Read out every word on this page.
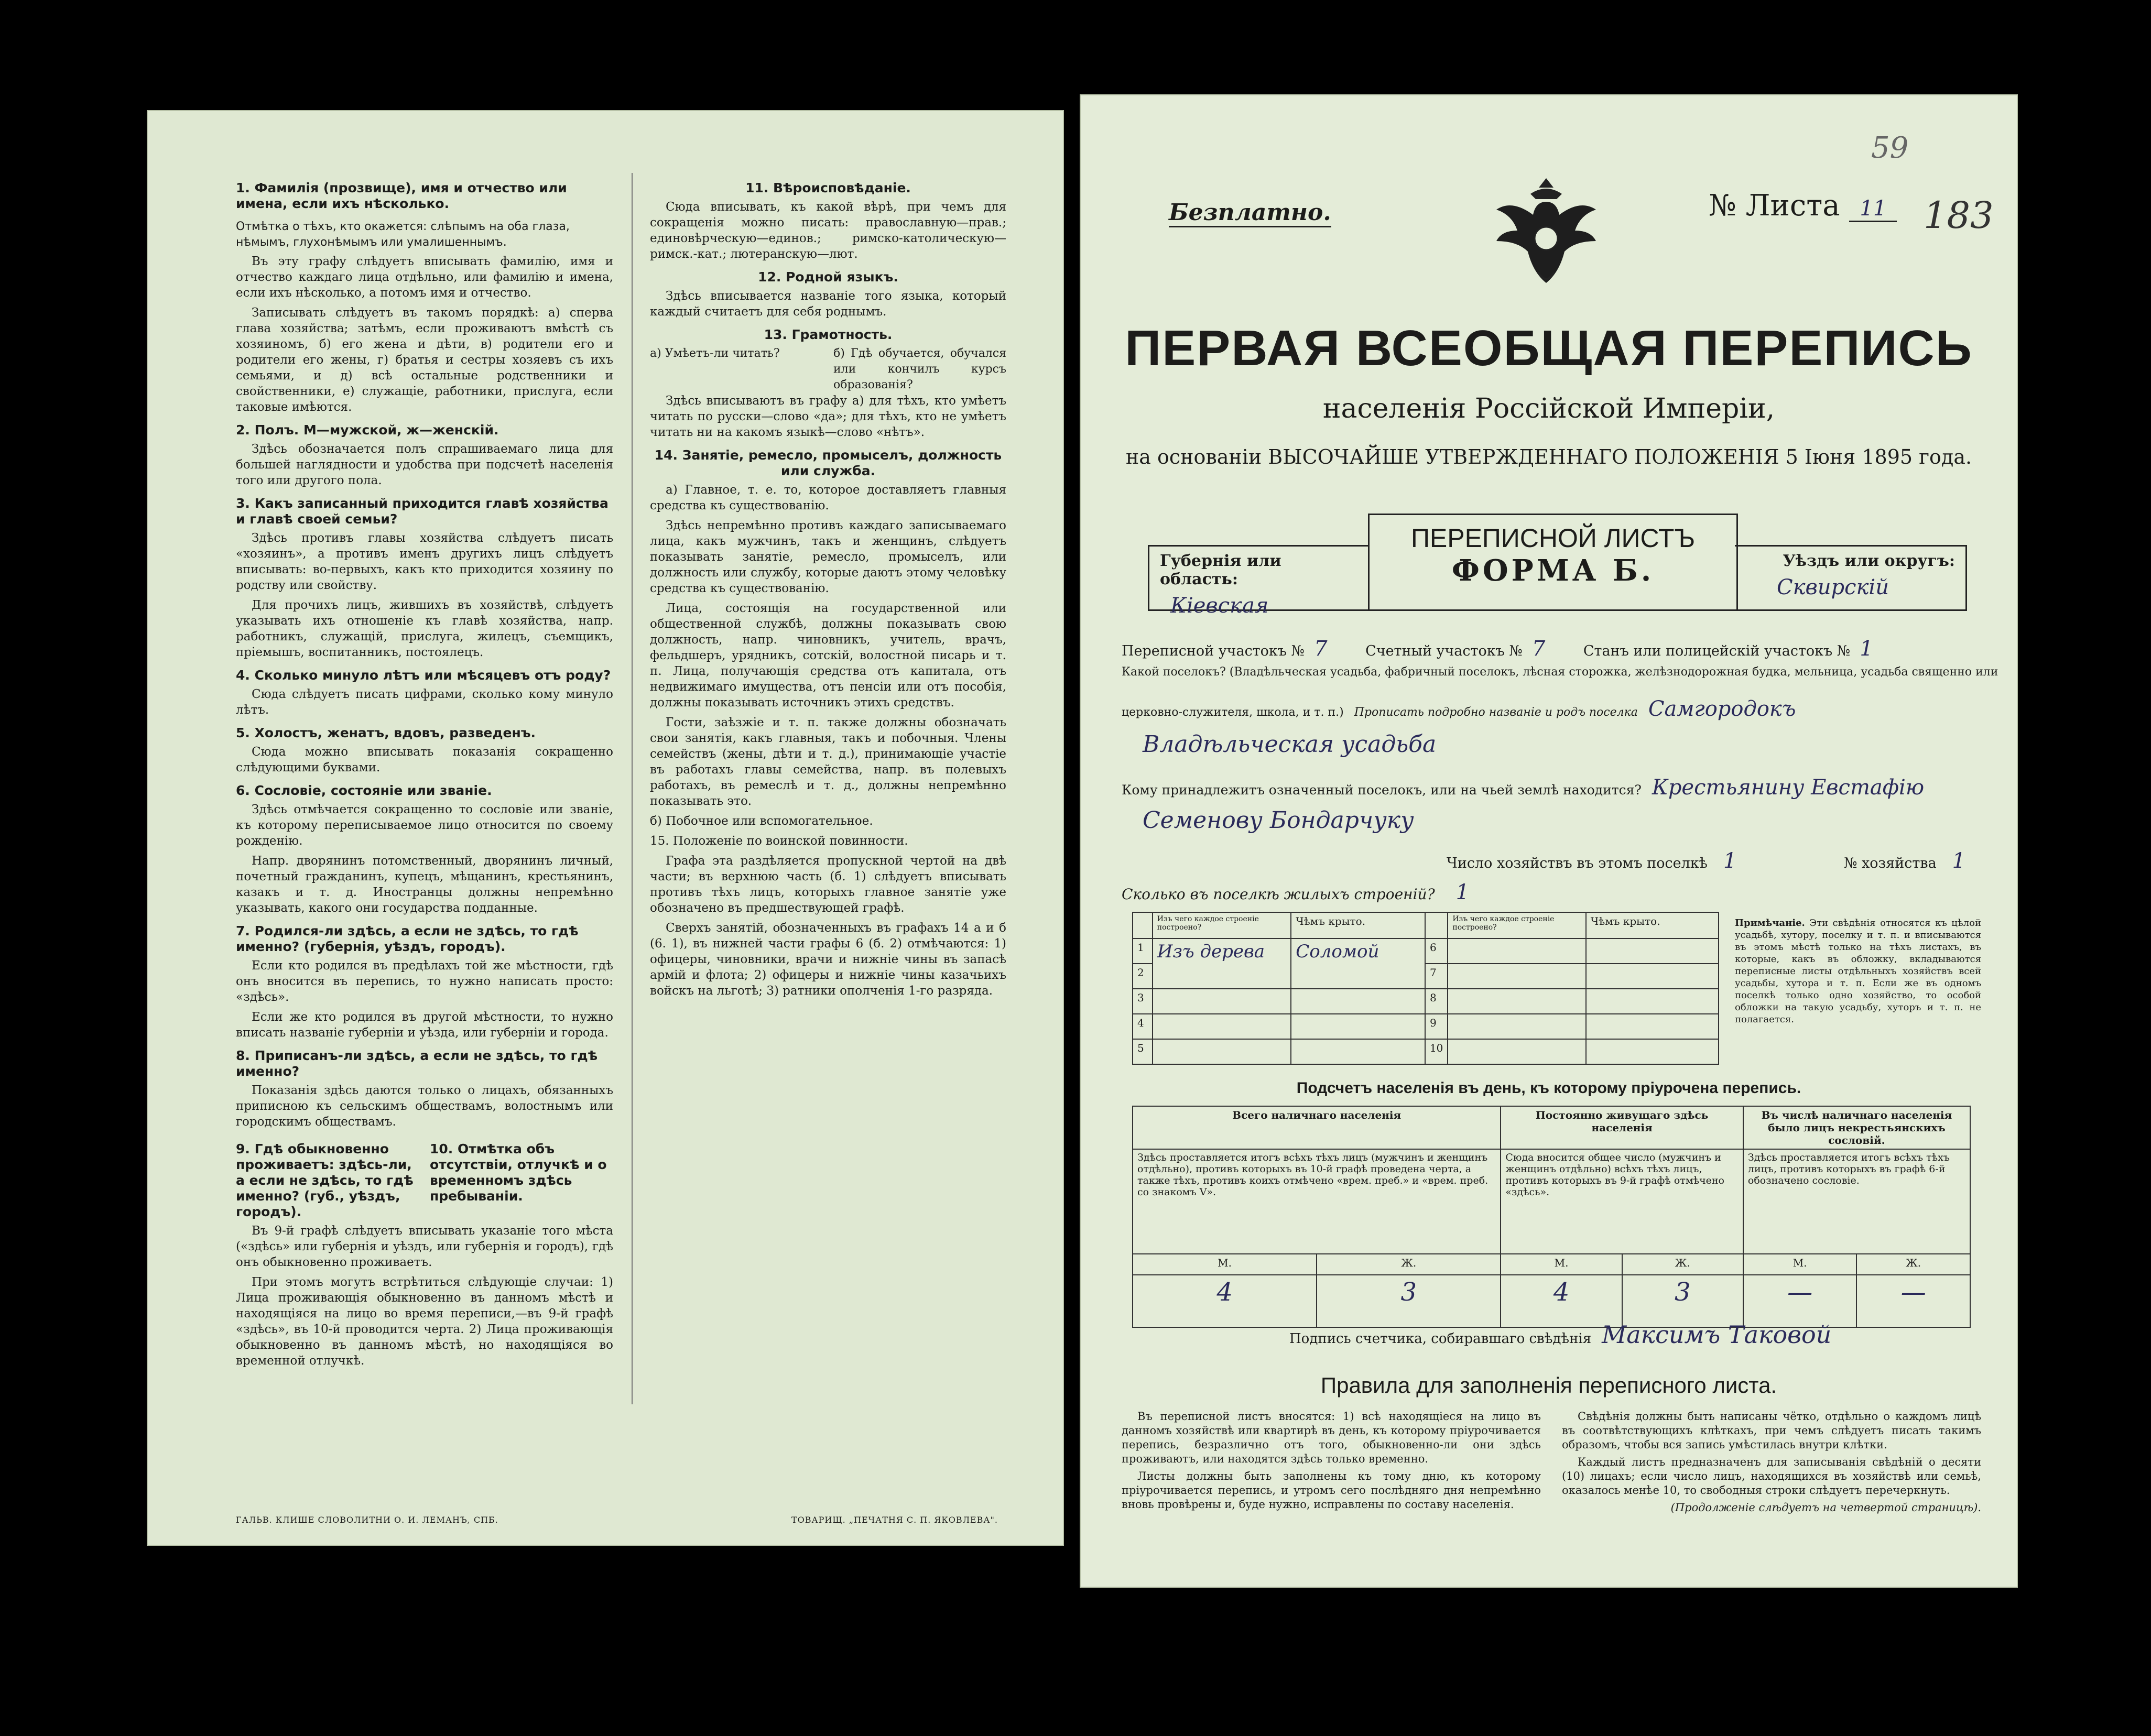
1. Фамилія (прозвище), имя и отчество или имена, если ихъ нѣсколько.
Отмѣтка о тѣхъ, кто окажется: слѣпымъ на оба глаза, нѣмымъ, глухонѣмымъ или умалишеннымъ.

Въ эту графу слѣдуетъ вписывать фамилію, имя и отчество каждаго лица отдѣльно, или фамилію и имена, если ихъ нѣсколько, а потомъ имя и отчество.

Записывать слѣдуетъ въ такомъ порядкѣ: а) сперва глава хозяйства; затѣмъ, если проживаютъ вмѣстѣ съ хозяиномъ, б) его жена и дѣти, в) родители его и родители его жены, г) братья и сестры хозяевъ съ ихъ семьями, и д) всѣ остальные родственники и свойственники, е) служащіе, работники, прислуга, если таковые имѣются.

2. Полъ. М—мужской, ж—женскій.

Здѣсь обозначается полъ спрашиваемаго лица для большей наглядности и удобства при подсчетѣ населенія того или другого пола.

3. Какъ записанный приходится главѣ хозяйства и главѣ своей семьи?

Здѣсь противъ главы хозяйства слѣдуетъ писать «хозяинъ», а противъ именъ другихъ лицъ слѣдуетъ вписывать: во-первыхъ, какъ кто приходится хозяину по родству или свойству.

Для прочихъ лицъ, жившихъ въ хозяйствѣ, слѣдуетъ указывать ихъ отношеніе къ главѣ хозяйства, напр. работникъ, служащій, прислуга, жилецъ, съемщикъ, пріемышъ, воспитанникъ, постоялецъ.

4. Сколько минуло лѣтъ или мѣсяцевъ отъ роду?

Сюда слѣдуетъ писать цифрами, сколько кому минуло лѣтъ.

5. Холостъ, женатъ, вдовъ, разведенъ.

Сюда можно вписывать показанія сокращенно слѣдующими буквами.

6. Сословіе, состояніе или званіе.

Здѣсь отмѣчается сокращенно то сословіе или званіе, къ которому переписываемое лицо относится по своему рожденію.

Напр. дворянинъ потомственный, дворянинъ личный, почетный гражданинъ, купецъ, мѣщанинъ, крестьянинъ, казакъ и т. д. Иностранцы должны непремѣнно указывать, какого они государства подданные.

7. Родился-ли здѣсь, а если не здѣсь, то гдѣ именно? (губернія, уѣздъ, городъ).

Если кто родился въ предѣлахъ той же мѣстности, гдѣ онъ вносится въ перепись, то нужно написать просто: «здѣсь».

Если же кто родился въ другой мѣстности, то нужно вписать названіе губерніи и уѣзда, или губерніи и города.

8. Приписанъ-ли здѣсь, а если не здѣсь, то гдѣ именно?

Показанія здѣсь даются только о лицахъ, обязанныхъ приписною къ сельскимъ обществамъ, волостнымъ или городскимъ обществамъ.

9. Гдѣ обыкновенно проживаетъ: здѣсь-ли, а если не здѣсь, то гдѣ именно? (губ., уѣздъ, городъ).
10. Отмѣтка объ отсутствіи, отлучкѣ и о временномъ здѣсь пребываніи.

Въ 9-й графѣ слѣдуетъ вписывать указаніе того мѣста («здѣсь» или губернія и уѣздъ, или губернія и городъ), гдѣ онъ обыкновенно проживаетъ.

При этомъ могутъ встрѣтиться слѣдующіе случаи: 1) Лица проживающія обыкновенно въ данномъ мѣстѣ и находящіяся на лицо во время переписи,—въ 9-й графѣ «здѣсь», въ 10-й проводится черта. 2) Лица проживающія обыкновенно въ данномъ мѣстѣ, но находящіяся во временной отлучкѣ.

11. Вѣроисповѣданіе.

Сюда вписывать, къ какой вѣрѣ, при чемъ для сокращенія можно писать: православную—прав.; единовѣрческую—единов.; римско-католическую—римск.-кат.; лютеранскую—лют.

12. Родной языкъ.

Здѣсь вписывается названіе того языка, который каждый считаетъ для себя роднымъ.

13. Грамотность.
а) Умѣетъ-ли читать?	б) Гдѣ обучается, обучался или кончилъ курсъ образованія?

Здѣсь вписываютъ въ графу а) для тѣхъ, кто умѣетъ читать по русски—слово «да»; для тѣхъ, кто не умѣетъ читать ни на какомъ языкѣ—слово «нѣтъ».

14. Занятіе, ремесло, промыселъ, должность или служба.

а) Главное, т. е. то, которое доставляетъ главныя средства къ существованію.

Здѣсь непремѣнно противъ каждаго записываемаго лица, какъ мужчинъ, такъ и женщинъ, слѣдуетъ показывать занятіе, ремесло, промыселъ, или должность или службу, которые даютъ этому человѣку средства къ существованію.

Лица, состоящія на государственной или общественной службѣ, должны показывать свою должность, напр. чиновникъ, учитель, врачъ, фельдшеръ, урядникъ, сотскій, волостной писарь и т. п. Лица, получающія средства отъ капитала, отъ недвижимаго имущества, отъ пенсіи или отъ пособія, должны показывать источникъ этихъ средствъ.

Гости, заѣзжіе и т. п. также должны обозначать свои занятія, какъ главныя, такъ и побочныя. Члены семействъ (жены, дѣти и т. д.), принимающіе участіе въ работахъ главы семейства, напр. въ полевыхъ работахъ, въ ремеслѣ и т. д., должны непремѣнно показывать это.

б) Побочное или вспомогательное.

15. Положеніе по воинской повинности.

Графа эта раздѣляется пропускной чертой на двѣ части; въ верхнюю часть (б. 1) слѣдуетъ вписывать противъ тѣхъ лицъ, которыхъ главное занятіе уже обозначено въ предшествующей графѣ.

Сверхъ занятій, обозначенныхъ въ графахъ 14 а и б (6. 1), въ нижней части графы 6 (б. 2) отмѣчаются: 1) офицеры, чиновники, врачи и нижніе чины въ запасѣ армій и флота; 2) офицеры и нижніе чины казачьихъ войскъ на льготѣ; 3) ратники ополченія 1-го разряда.

ГАЛЬВ. КЛИШЕ СЛОВОЛИТНИ О. И. ЛЕМАНЪ, СПБ.	ТОВАРИЩ. „ПЕЧАТНЯ С. П. ЯКОВЛЕВА".
Безплатно.	№ Листа 11
59
183
ПЕРВАЯ ВСЕОБЩАЯ ПЕРЕПИСЬ
населенія Россійской Имперіи,
на основаніи ВЫСОЧАЙШЕ УТВЕРЖДЕННАГО ПОЛОЖЕНІЯ 5 Іюня 1895 года.
Губернія или область:
Кіевская
ПЕРЕПИСНОЙ ЛИСТЪ
ФОРМА Б.	Уѣздъ или округъ:
Сквирскій
Переписной участокъ № 7	Счетный участокъ № 7	Станъ или полицейскій участокъ № 1
Какой поселокъ? (Владѣльческая усадьба, фабричный поселокъ, лѣсная сторожка, желѣзнодорожная будка, мельница, усадьба священно или
церковно-служителя, школа, и т. п.) Прописать подробно названіе и родъ поселка Самгородокъ
Владѣльческая усадьба
Кому принадлежитъ означенный поселокъ, или на чьей землѣ находится? Крестьянину Евстафію
Семенову Бондарчуку
Число хозяйствъ въ этомъ поселкѣ 1	№ хозяйства 1
Сколько въ поселкѣ жилыхъ строеній? 1
	Изъ чего каждое строеніе построено?	Чѣмъ крыто.		Изъ чего каждое строеніе построено?	Чѣмъ крыто.
1	Изъ дерева	Соломой	6		
2			7		
3			8		
4			9		
5			10		
Примѣчаніе. Эти свѣдѣнія относятся къ цѣлой усадьбѣ, хутору, поселку и т. п. и вписываются въ этомъ мѣстѣ только на тѣхъ листахъ, въ которые, какъ въ обложку, вкладываются переписные листы отдѣльныхъ хозяйствъ всей усадьбы, хутора и т. п. Если же въ одномъ поселкѣ только одно хозяйство, то особой обложки на такую усадьбу, хуторъ и т. п. не полагается.
Подсчетъ населенія въ день, къ которому пріурочена перепись.
Всего наличнаго населенія		Постоянно живущаго здѣсь населенія		Въ числѣ наличнаго населенія было лицъ некрестьянскихъ сословій.	
Здѣсь проставляется итогъ всѣхъ тѣхъ лицъ (мужчинъ и женщинъ отдѣльно), противъ которыхъ въ 10-й графѣ проведена черта, а также тѣхъ, противъ коихъ отмѣчено «врем. преб.» и «врем. преб. со знакомъ V».		Сюда вносится общее число (мужчинъ и женщинъ отдѣльно) всѣхъ тѣхъ лицъ, противъ которыхъ въ 9-й графѣ отмѣчено «здѣсь».		Здѣсь проставляется итогъ всѣхъ тѣхъ лицъ, противъ которыхъ въ графѣ 6-й обозначено сословіе.	
М.	Ж.	М.	Ж.	М.	Ж.
4	3	4	3	—	—
Подпись счетчика, собиравшаго свѣдѣнія Максимъ Таковой
Правила для заполненія переписного листа.

Въ переписной листъ вносятся: 1) всѣ находящіеся на лицо въ данномъ хозяйствѣ или квартирѣ въ день, къ которому пріурочивается перепись, безразлично отъ того, обыкновенно-ли они здѣсь проживаютъ, или находятся здѣсь только временно.

Листы должны быть заполнены къ тому дню, къ которому пріурочивается перепись, и утромъ сего послѣдняго дня непремѣнно вновь провѣрены и, буде нужно, исправлены по составу населенія.

Свѣдѣнія должны быть написаны чётко, отдѣльно о каждомъ лицѣ въ соотвѣтствующихъ клѣткахъ, при чемъ слѣдуетъ писать такимъ образомъ, чтобы вся запись умѣстилась внутри клѣтки.

Каждый листъ предназначенъ для записыванія свѣдѣній о десяти (10) лицахъ; если число лицъ, находящихся въ хозяйствѣ или семьѣ, оказалось менѣе 10, то свободныя строки слѣдуетъ перечеркнуть.

(Продолженіе слѣдуетъ на четвертой страницѣ).
